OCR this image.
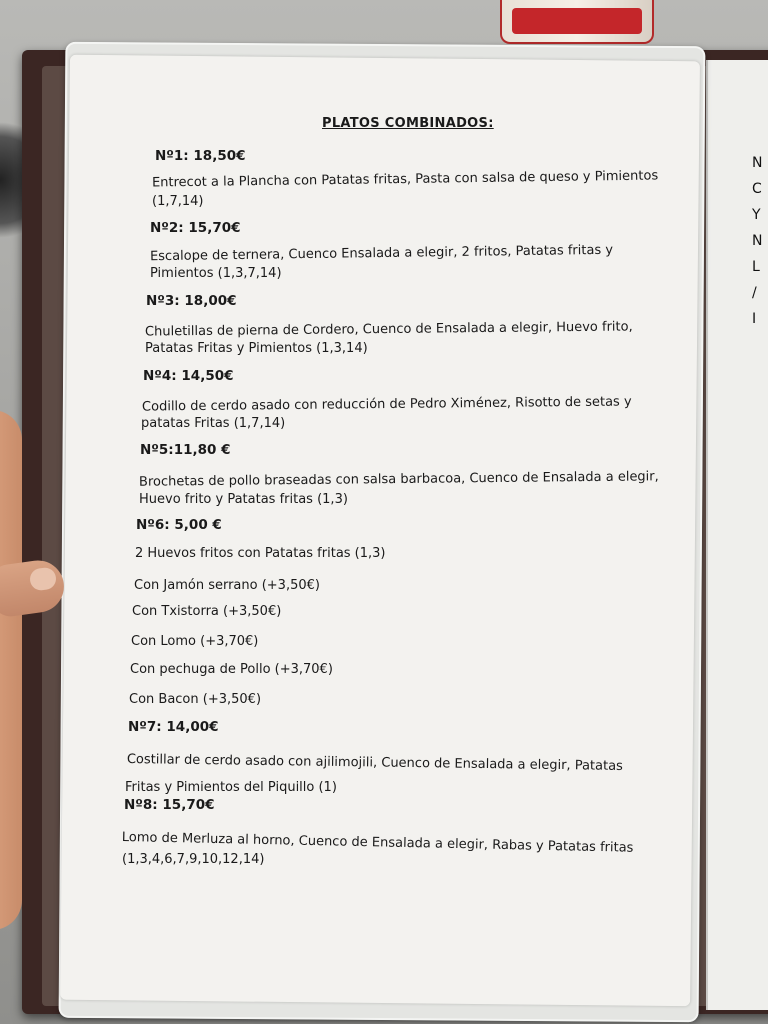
N
C
Y
N
L
/
I
PLATOS COMBINADOS:
Nº1: 18,50€
Entrecot a la Plancha con Patatas fritas, Pasta con salsa de queso y Pimientos
(1,7,14)
Nº2: 15,70€
Escalope de ternera, Cuenco Ensalada a elegir, 2 fritos, Patatas fritas y
Pimientos (1,3,7,14)
Nº3: 18,00€
Chuletillas de pierna de Cordero, Cuenco de Ensalada a elegir, Huevo frito,
Patatas Fritas y Pimientos (1,3,14)
Nº4: 14,50€
Codillo de cerdo asado con reducción de Pedro Ximénez, Risotto de setas y
patatas Fritas (1,7,14)
Nº5:11,80 €
Brochetas de pollo braseadas con salsa barbacoa, Cuenco de Ensalada a elegir,
Huevo frito y Patatas fritas (1,3)
Nº6: 5,00 €
2 Huevos fritos con Patatas fritas (1,3)
Con Jamón serrano (+3,50€)
Con Txistorra (+3,50€)
Con Lomo (+3,70€)
Con pechuga de Pollo (+3,70€)
Con Bacon (+3,50€)
Nº7: 14,00€
Costillar de cerdo asado con ajilimojili, Cuenco de Ensalada a elegir, Patatas
Fritas y Pimientos del Piquillo (1)
Nº8: 15,70€
Lomo de Merluza al horno, Cuenco de Ensalada a elegir, Rabas y Patatas fritas
(1,3,4,6,7,9,10,12,14)
